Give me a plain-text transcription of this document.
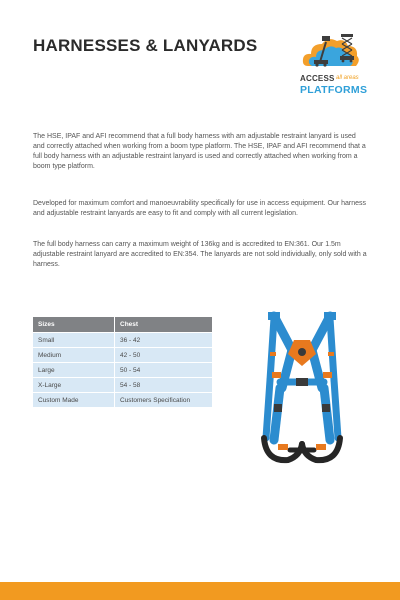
HARNESSES & LANYARDS
ACCESS all areas
PLATFORMS

The HSE, IPAF and AFI recommend that a full body harness with am adjustable restraint lanyard is used and correctly attached when working from a boom type platform. The HSE, IPAF and AFI recommend that a full body harness with an adjustable restraint lanyard is used and correctly attached when working from a boom type platform.

Developed for maximum comfort and manoeuvrability specifically for use in access equipment. Our harness and adjustable restraint lanyards are easy to fit and comply with all current legislation.

The full body harness can carry a maximum weight of 136kg and is accredited to EN:361. Our 1.5m adjustable restraint lanyard are accredited to EN:354. The lanyards are not sold individually, only sold with a harness.

Sizes	Chest
Small	36 - 42
Medium	42 - 50
Large	50 - 54
X-Large	54 - 58
Custom Made	Customers Specification
